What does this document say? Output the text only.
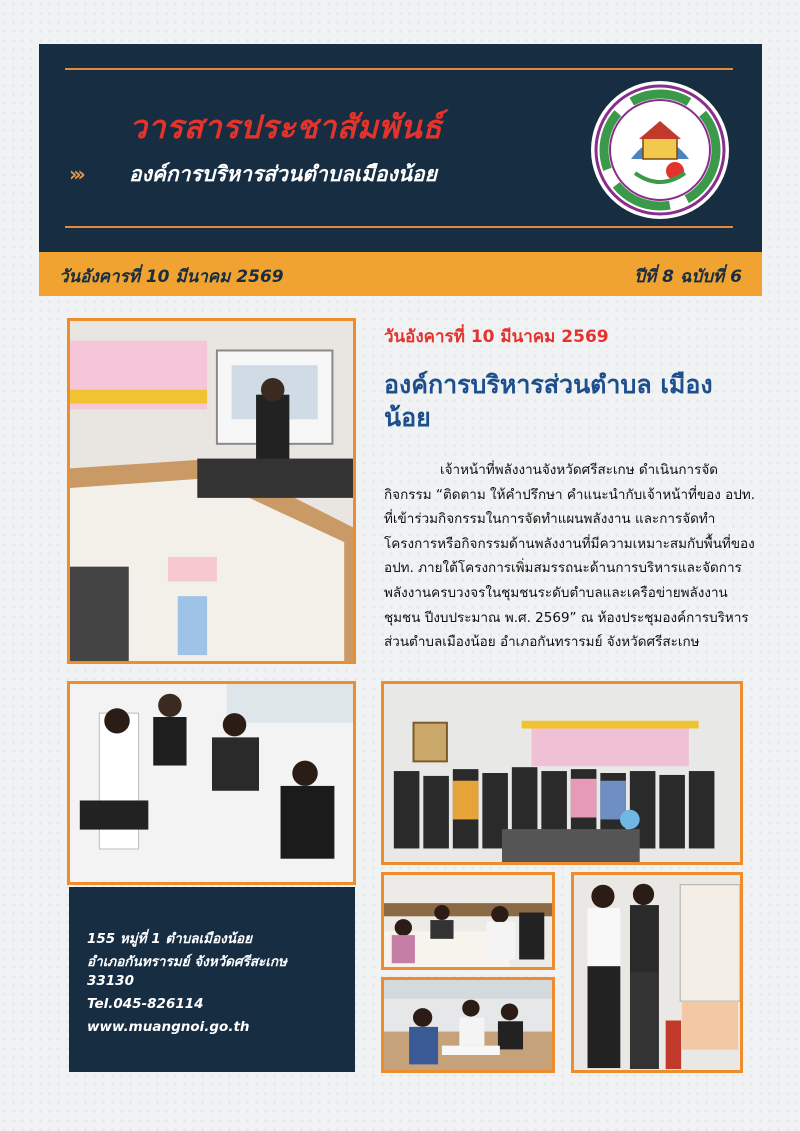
วารสารประชาสัมพันธ์
››› องค์การบริหารส่วนตำบลเมืองน้อย
วันอังคารที่ 10 มีนาคม 2569	ปีที่ 8 ฉบับที่ 6
วันอังคารที่ 10 มีนาคม 2569
องค์การบริหารส่วนตำบล เมืองน้อย

เจ้าหน้าที่พลังงานจังหวัดศรีสะเกษ ดำเนินการจัดกิจกรรม “ติดตาม ให้คำปรึกษา คำแนะนำกับเจ้าหน้าที่ของ อปท. ที่เข้าร่วมกิจกรรมในการจัดทำแผนพลังงาน และการจัดทำโครงการหรือกิจกรรมด้านพลังงานที่มีความเหมาะสมกับพื้นที่ของ อปท. ภายใต้โครงการเพิ่มสมรรถนะด้านการบริหารและจัดการพลังงานครบวงจรในชุมชนระดับตำบลและเครือข่ายพลังงานชุมชน ปีงบประมาณ พ.ศ. 2569” ณ ห้องประชุมองค์การบริหารส่วนตำบลเมืองน้อย อำเภอกันทรารมย์ จังหวัดศรีสะเกษ

155 หมู่ที่ 1 ตำบลเมืองน้อย
อำเภอกันทรารมย์ จังหวัดศรีสะเกษ
33130
Tel.045-826114
www.muangnoi.go.th
